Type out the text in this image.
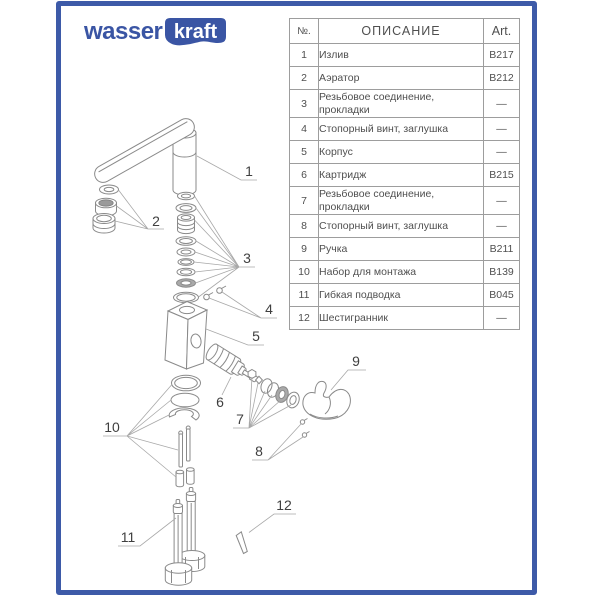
wasser kraft	№.	ОПИСАНИЕ	Art.
1	Излив	B217
2	Аэратор	B212
3	Резьбовое соединение, прокладки	—
4	Стопорный винт, заглушка	—
5	Корпус	—
6	Картридж	B215
7	Резьбовое соединение, прокладки	—
8	Стопорный винт, заглушка	—
9	Ручка	B211
10	Набор для монтажа	B139
11	Гибкая подводка	B045
12	Шестигранник	—
1
2
3
4
5
6
7
8
9
10
11
12
